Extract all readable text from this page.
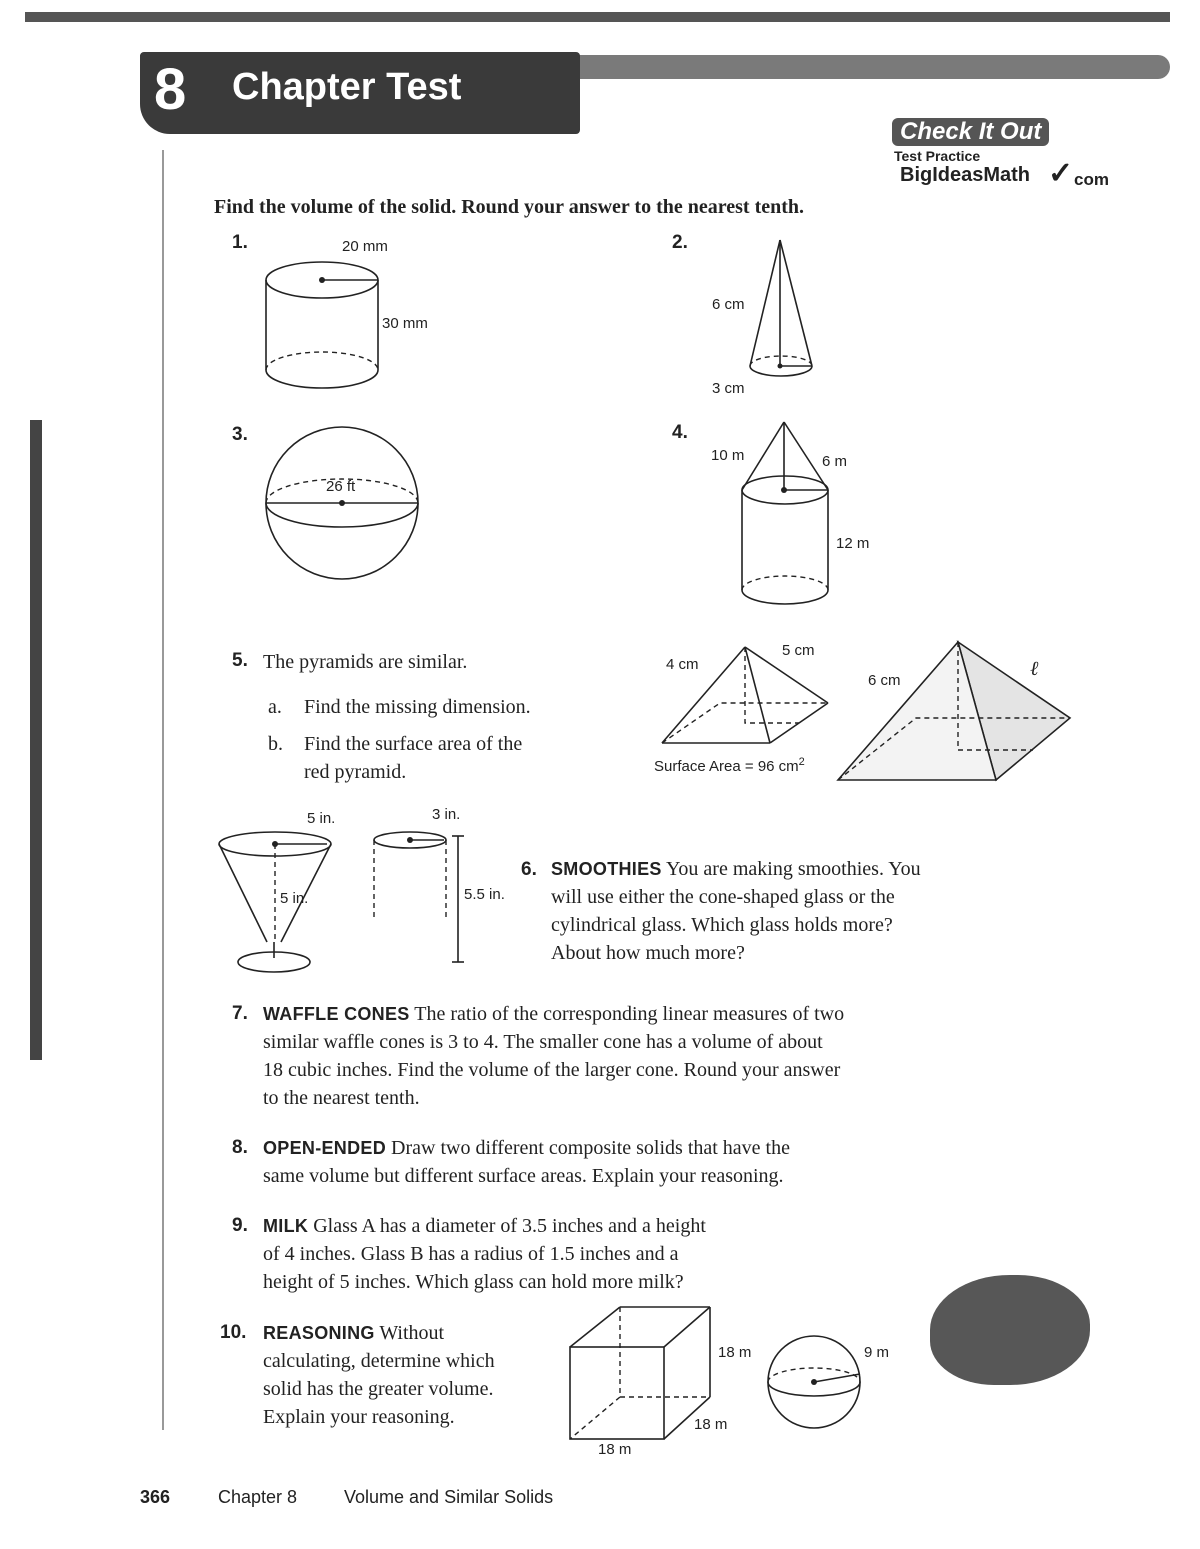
8 Chapter Test
Check It Out
Test Practice
BigIdeasMath ✓ com
Find the volume of the solid. Round your answer to the nearest tenth.
1.	20 mm
30 mm
2.
6 cm
3 cm
3.
26 ft
4.
10 m	6 m
12 m
5. The pyramids are similar.
a. Find the missing dimension.
b. Find the surface area of the
red pyramid.
4 cm
5 cm
Surface Area = 96 $cm^2$
6 cm
ℓ
5 in.
5 in.
3 in.
5.5 in.
6. SMOOTHIES You are making smoothies. You
will use either the cone-shaped glass or the
cylindrical glass. Which glass holds more?
About how much more?
7. WAFFLE CONES The ratio of the corresponding linear measures of two
similar waffle cones is 3 to 4. The smaller cone has a volume of about
18 cubic inches. Find the volume of the larger cone. Round your answer
to the nearest tenth.
8. OPEN-ENDED Draw two different composite solids that have the
same volume but different surface areas. Explain your reasoning.
9. MILK Glass A has a diameter of 3.5 inches and a height
of 4 inches. Glass B has a radius of 1.5 inches and a
height of 5 inches. Which glass can hold more milk?
10. REASONING Without
calculating, determine which
solid has the greater volume.
Explain your reasoning.
18 m
18 m
18 m
9 m
366	Chapter 8	Volume and Similar Solids
